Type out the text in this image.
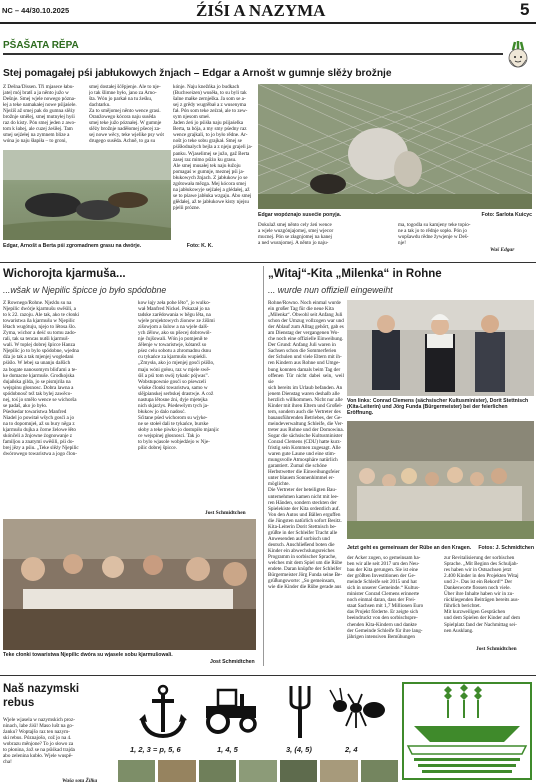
NC – 44/30.10.2025	ŹIŚI A NAZYMA	5
PŠAŠATA RĚPA
Stej pomagałej pśi jabłukowych žnjach – Edgar a Arnošt w gumnje slěży brožnje
Z Dešna/Dissen. Tři mjasece łabu-
jateļ mój bratš a ja něnto južo w
Dešnje. Smej wjele nowego pózna-
łej a teke namakałej nowe pśijaśele.
Njeźiš až smej pak do gumna slěży
brožnje smělej, smej mutnyłej hyśi
raz do kisty. Pón smej jeden z awo-
tom k łabej, ale cuzej źeśiłej. Tam
smej sejźełej na zymnem blize a
wóna jo naju šłapiła – to groni,
smej dostałej šćěpjenje. Ale to nje-
jo tak šlimne było, jano za Arno-
šta. Wón jo parkał na tu źeśku,
dachtarku.
Za to smějomej něnto wence grasi.
Oranžowego kócora naju susěda
smej teke južo póznałej. W gumnje
slěży brožnje naděłomej pšecej za-
sej nowe wěcy, teke wjelike psy wót
drugego susěda. Achně, to ga su
kónje. Naju knežńka jo budkach
(Buchweizen) wusěła, to su byli tak
šalne małke zernješka. Ja som se a-
sej z grědy wugrěbał a z wusenyma
fał. Pón som teke zeźrał, ale to zew-
sym njesom smeł.
Jaden źeń jo pśiśła naju pśijaśelka
Berta, ta bója, a my smy pśedny raz
wence grajkali, to jo było rědne. Ar-
nošt jo teke sobu grajkał. Smej se
pśišłodnalych bejla a z njeju grajeli ja-
panku. Wjaselimej se južo, gaž Berta
zasej raz mimo pśiżo ku grasu.
Ale smej musałej tek naju łužoju
pomagaś w gumnje, meznej pśi ja-
błukowych žnjach. Z jabłukow jo se
zgótowała mězga. Mej kócora smej
na jabłukowyje sejźałej a glédałej, až
se to pśawe jabłuka wzgaju. Abo smej
głědałej, až te jabłukowe kisty njejsu
pjelii prózne.
Edgar, Arnošt a Berta pśi zgromadnem grasu na dwórje.	Foto: K. K.
Edgar wopóznajo susećie ponyja.	Foto: Šarlota Kuicyc
Dokulaž smej něnto cely źeń wence
a wjele wuzgónjajomej, smej wjecor
mucnej. Pón se złagnjomej na kanej
a ned wusnjomej. A něnto jo naju-
ma, togodla su kamjeny teke topio-
ne a tak jo to rědnje sopło. Pón jo
wopšawdu rědne žywjenje w Deš-
nje!
Waš Edgar
Wichorojta kjarmuša...
...wšak w Njepilic špicce jo było spódobne
Z Rownego/Rohne. Njeźdu su na
Njepilic dwórje kjarmušu swěśili, a
to k 22. razoju. Ale tak, ako te cłonki
towaristwa ňa kjarmušu w Njepilic
lětach wugótuju, njejo to lětosa šlo.
Zyma, wichor a deść su tomu zado-
rali, tak sa tencas nutši kjarmuš-
wali. W toplej dobrej špicce Hanza
Njepilic jo to bylo spódobne, wjedna
dźa jo tak a tak mjenjej wogledani
pśiślo. W lebej sa unanju dalšich
za bogate nanosomym bliďami a te-
ke domacne kjarmuše. Grodkojska
dujaňska gilda, jo se pismjrila na
wejspinu głosnosc. Dobra lawna a
spódobnosč tež tak bylej zawěco-
nej, toś jo smělo wence se wichorša
se padaš, ako jo było.
Pśedsedar towaristwa Manfred
Niadel jo powitał wšych gosći a jo
na to dopomnjeł, až su bury něga z
kjarmušu dujka a čorne želowe łěto
skónčeli a žnjowne źognowanje z
familjou a znatymi swěśili, pśi do-
brej jězy a pśiu. „Teke slěży Njepilic
dwórowego towaristwa a jogo člon-
kow łajy zeła pohe lětoˮ, jo wulko-
wał Manfred Nickel. Pokazał jo na
tadske zarědowania w běgu lěta, na
wjele projektowych źionow ze źišimi
zišowjom a šulow a na wjele dalš-
ych źělow, ako su pšecej dobrowól-
nje čujšowali. Wón jo pomjenił te
źělenje w towaristwje, kótarež so
pśez celu sobotu a zhromadnu dsnu
cu tykańce za kjarmušu wupiekli.
„Zmysła, ako jo mjenjej gosći pśišlo,
maju wóni gołou, raz w mjele swě-
śiš a pśi tom swój tykańc pójwasˮ.
Wobstupownie gosći so pśewzeli
wšoke člonki towaristwa, samo w
slějpianskej serbskej drastwje. A což
nastupa lětosne źni, dyje mjetejka
nich skjarżys. Pśedewšym tych ja-
błukow jo dalo nadosć.
Sćitane pśed wichorom su wjyke-
ne se stołeł dali te tykańce, burske
słoby a teke piwko jo dostupiło mjanjic
ce wejspinej głosnosci. Tak jo
to bylo wjasole wobjedźejo w Nje-
pilic dobrej špicce.
Jost Schmidtchen
Teke cłonki towaristwa Njepilic dwóra su wjasele sobu kjarmušowali.
Jost Schmidtchen
„Witaj“-Kita „Milenka“ in Rohne
... wurde nun offiziell eingeweiht
Rohne/Rowno. Noch einmal wurde
ein großer Tag für die neue Kita
„Milenka“. Obwohl seit Anfang Juli
schon der Umzug vollzogen war und
der Ablauf zum Alltag gehört, gab es
am Dienstag der vergangenen Wo-
che noch eine offizielle Einweihung.
Der Grund: Anfang Juli waren in
Sachsen schon die Sommerferien
der Schulen und viele Eltern mit ih-
ren Kindern aus Rohne und Umge-
bung konnten damals beim Tag der
offenen Tür nicht dabei sein, weil sie
sich bereits im Urlaub befanden. An
jenem Dienstag waren deshalb alle
herzlich willkommen. Nicht nur alle
Kinder mit ihren Eltern und Großel-
tern, sondern auch die Vertreter des
bauausführenden Betriebes, der Ge-
meindeverwaltung Schleife, die Ver-
treter aus Rohne und der Domowina.
Sogar die sächsische Kultusminister
Conrad Clemens (CDU) hatte kurz-
fristig sein Kommen zugesagt. Alle
waren gute Laune und eine stim-
mungsvolle Atmosphäre natürlich
garantiert. Zumal die schöne
Herbstwetter die Einweihungsfeier
unter blauem Sonnenhimmel er-
möglichte.
Die Vertreter der beteiligten Bau-
unternehmen kamen nicht mit lee-
ren Händen, sondern steckten der
Spielekiste der Kita ordentlich auf.
Von den Autos und Bällen erguffen
die Jüngsten natürlich sofort Besitz.
Kita-Leiterin Dorit Stettnisch be-
grüßte in der Schleifer Tracht alle
Anwesenden auf sorbisch und
deutsch. Anschließend boten die
Kinder ein abwechslungsreiches
Programm in sorbischer Sprache,
welches mit dem Spiel um die Rübe
endete. Daran knüpfte der Schleifer
Bürgermeister Jörg Funda seine Be-
grüßungsworte: „So gemeinsam,
wie die Kinder die Rübe gerade aus
Von links: Conrad Clemens (sächsischer Kultusminister), Dorit Stettnisch (Kita-Leiterin) und Jörg Funda (Bürgermeister) bei der feierlichen Eröffnung.
Jetzt geht es gemeinsam der Rübe an den Kragen. Fotos: J. Schmidtchen
der Acker zogen, so gemeinsam ha-
ben wir alle seit 2017 um den Neu-
bau der Kita gerungen. Sie ist eine
der größten Investitionen der Ge-
meinde Schleife seit 2015 und hat
sich in unserer Gemeinde.“ Kultus-
minister Conrad Clemens erinnerte
noch einmal daran, dass der Frei-
staat Sachsen mit 1,7 Millionen Euro
das Projekt förderte. Er zeigte sich
beeindruckt von den sorbischspre-
chenden Kita-Kindern und dankte
der Gemeinde Schleife für ihre lang-
jährigen intensiven Bemühungen
zur Revitalisierung der sorbischen
Sprache. „Mit Beginn des Schuljah-
res haben wir in Ostsachsen jetzt
2.400 Kinder in den Projekten Witaj
und 2+. Das ist ein Rekord!“ Der
Dankesworte flossen noch viele.
Über ihre Inhalte haben wir in zu-
rückliegenden Beiträgen bereits aus-
führlich berichtet.
Mit kurzweiligen Gesprächen
und dem Spielen der Kinder auf dem
Spielplatz fand der Nachmittag sei-
nen Ausklang.
Jost Schmidtchen
Naš nazymski rebus
Wjele wjasela w nazymskich proz-
ninach, labe źiśi! Maso lušt na go-
źanku? Woptajšo raz ten nazym-
ski rebus. Póznajošo, což jo na 4.
wobrazu měnjone? To jo słowo za
to płonina, źož se na pśiśkad trajda
abo zelenina kubło. Wjele wuspě-
cha!
Waša sota Žilka
1, 2, 3 = p, 5, 6	1, 4, 5	3, (4, 5)	2, 4
